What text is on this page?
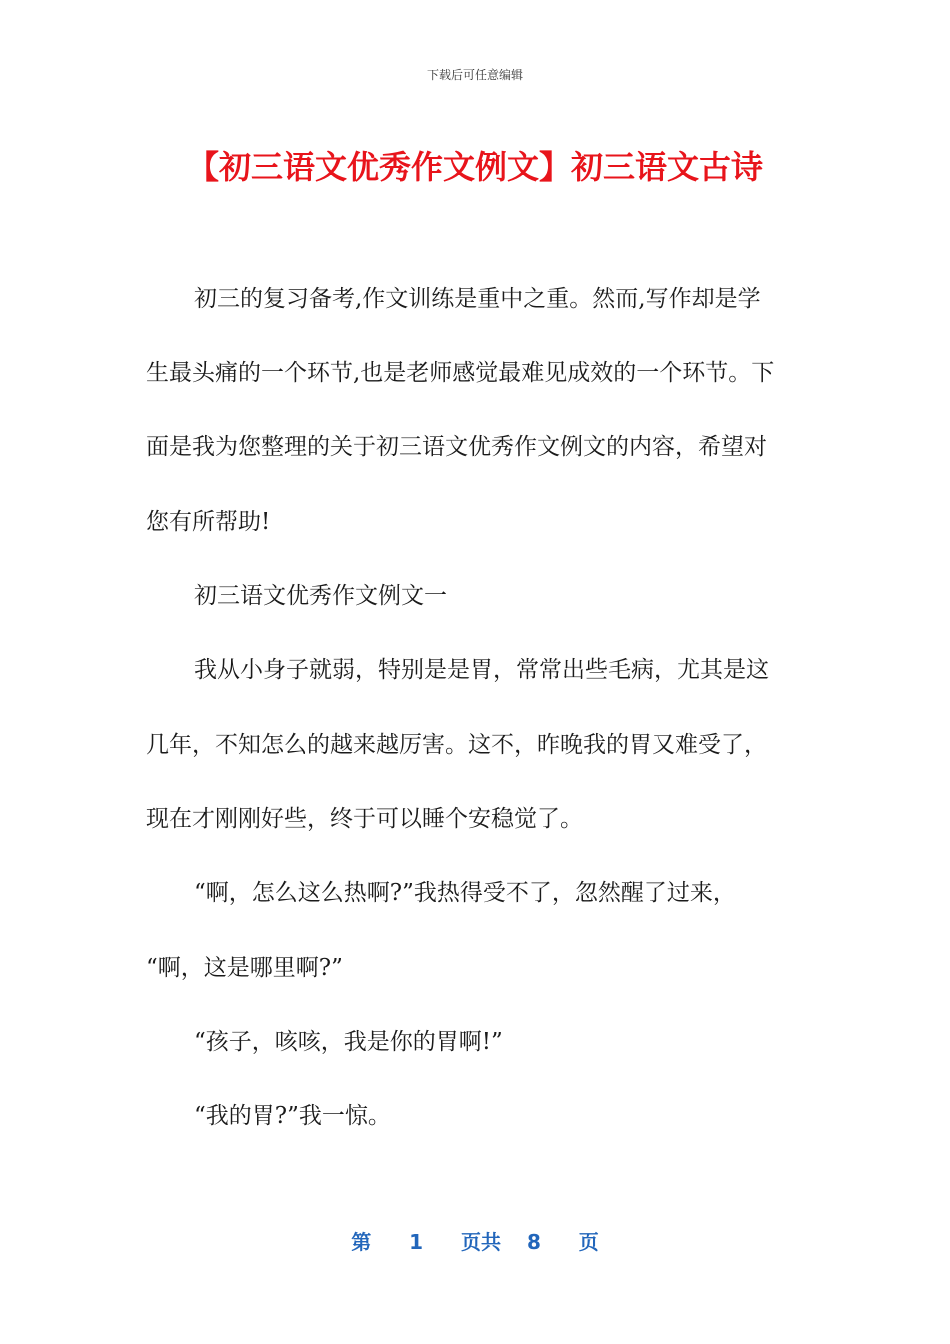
下载后可任意编辑
【初三语文优秀作文例文】初三语文古诗
初三的复习备考,作文训练是重中之重。然而,写作却是学
生最头痛的一个环节,也是老师感觉最难见成效的一个环节。下
面是我为您整理的关于初三语文优秀作文例文的内容，希望对
您有所帮助!
初三语文优秀作文例文一
我从小身子就弱，特别是是胃，常常出些毛病，尤其是这
几年，不知怎么的越来越厉害。这不，昨晚我的胃又难受了，
现在才刚刚好些，终于可以睡个安稳觉了。
“啊，怎么这么热啊?”我热得受不了，忽然醒了过来，
“啊，这是哪里啊?”
“孩子，咳咳，我是你的胃啊!”
“我的胃?”我一惊。
第 1 页共 8 页
